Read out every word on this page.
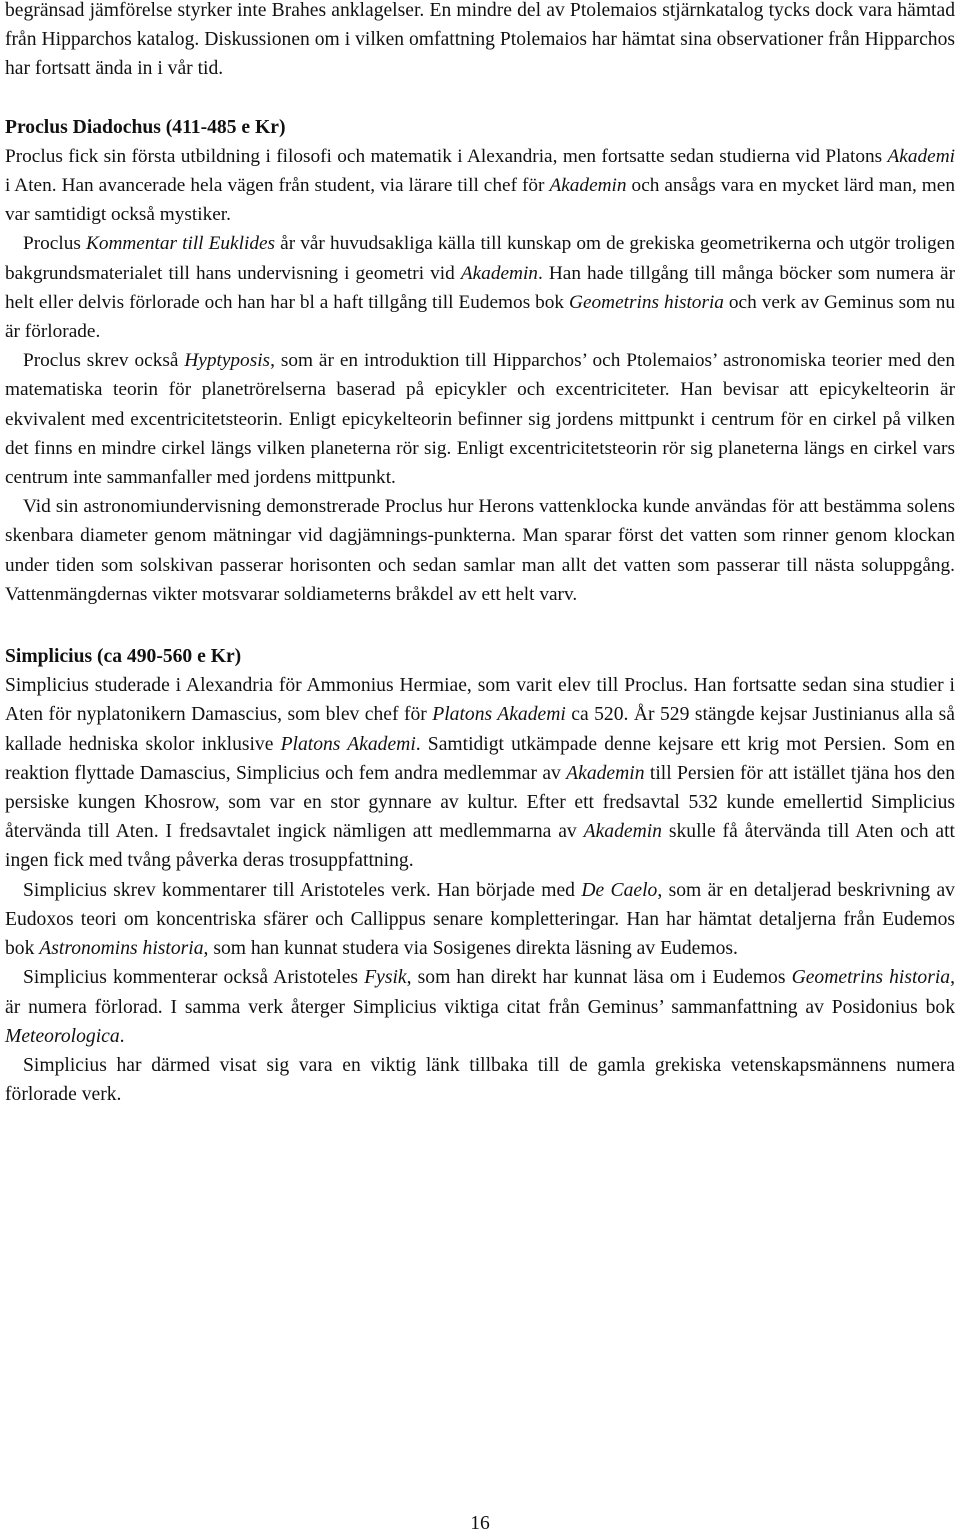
begränsad jämförelse styrker inte Brahes anklagelser. En mindre del av Ptolemaios stjärnkatalog tycks dock vara hämtad från Hipparchos katalog. Diskussionen om i vilken omfattning Ptolemaios har hämtat sina observationer från Hipparchos har fortsatt ända in i vår tid.

Proclus Diadochus (411-485 e Kr)

Proclus fick sin första utbildning i filosofi och matematik i Alexandria, men fortsatte sedan studierna vid Platons Akademi i Aten. Han avancerade hela vägen från student, via lärare till chef för Akademin och ansågs vara en mycket lärd man, men var samtidigt också mystiker.

Proclus Kommentar till Euklides år vår huvudsakliga källa till kunskap om de grekiska geometrikerna och utgör troligen bakgrundsmaterialet till hans undervisning i geometri vid Akademin. Han hade tillgång till många böcker som numera är helt eller delvis förlorade och han har bl a haft tillgång till Eudemos bok Geometrins historia och verk av Geminus som nu är förlorade.

Proclus skrev också Hyptyposis, som är en introduktion till Hipparchos’ och Ptolemaios’ astronomiska teorier med den matematiska teorin för planetrörelserna baserad på epicykler och excentriciteter. Han bevisar att epicykelteorin är ekvivalent med excentricitetsteorin. Enligt epicykelteorin befinner sig jordens mittpunkt i centrum för en cirkel på vilken det finns en mindre cirkel längs vilken planeterna rör sig. Enligt excentricitetsteorin rör sig planeterna längs en cirkel vars centrum inte sammanfaller med jordens mittpunkt.

Vid sin astronomiundervisning demonstrerade Proclus hur Herons vattenklocka kunde användas för att bestämma solens skenbara diameter genom mätningar vid dagjämnings-punkterna. Man sparar först det vatten som rinner genom klockan under tiden som solskivan passerar horisonten och sedan samlar man allt det vatten som passerar till nästa soluppgång. Vattenmängdernas vikter motsvarar soldiameterns bråkdel av ett helt varv.

Simplicius (ca 490-560 e Kr)

Simplicius studerade i Alexandria för Ammonius Hermiae, som varit elev till Proclus. Han fortsatte sedan sina studier i Aten för nyplatonikern Damascius, som blev chef för Platons Akademi ca 520. År 529 stängde kejsar Justinianus alla så kallade hedniska skolor inklusive Platons Akademi. Samtidigt utkämpade denne kejsare ett krig mot Persien. Som en reaktion flyttade Damascius, Simplicius och fem andra medlemmar av Akademin till Persien för att istället tjäna hos den persiske kungen Khosrow, som var en stor gynnare av kultur. Efter ett fredsavtal 532 kunde emellertid Simplicius återvända till Aten. I fredsavtalet ingick nämligen att medlemmarna av Akademin skulle få återvända till Aten och att ingen fick med tvång påverka deras trosuppfattning.

Simplicius skrev kommentarer till Aristoteles verk. Han började med De Caelo, som är en detaljerad beskrivning av Eudoxos teori om koncentriska sfärer och Callippus senare kompletteringar. Han har hämtat detaljerna från Eudemos bok Astronomins historia, som han kunnat studera via Sosigenes direkta läsning av Eudemos.

Simplicius kommenterar också Aristoteles Fysik, som han direkt har kunnat läsa om i Eudemos Geometrins historia, är numera förlorad. I samma verk återger Simplicius viktiga citat från Geminus’ sammanfattning av Posidonius bok Meteorologica.

Simplicius har därmed visat sig vara en viktig länk tillbaka till de gamla grekiska vetenskapsmännens numera förlorade verk.

16
